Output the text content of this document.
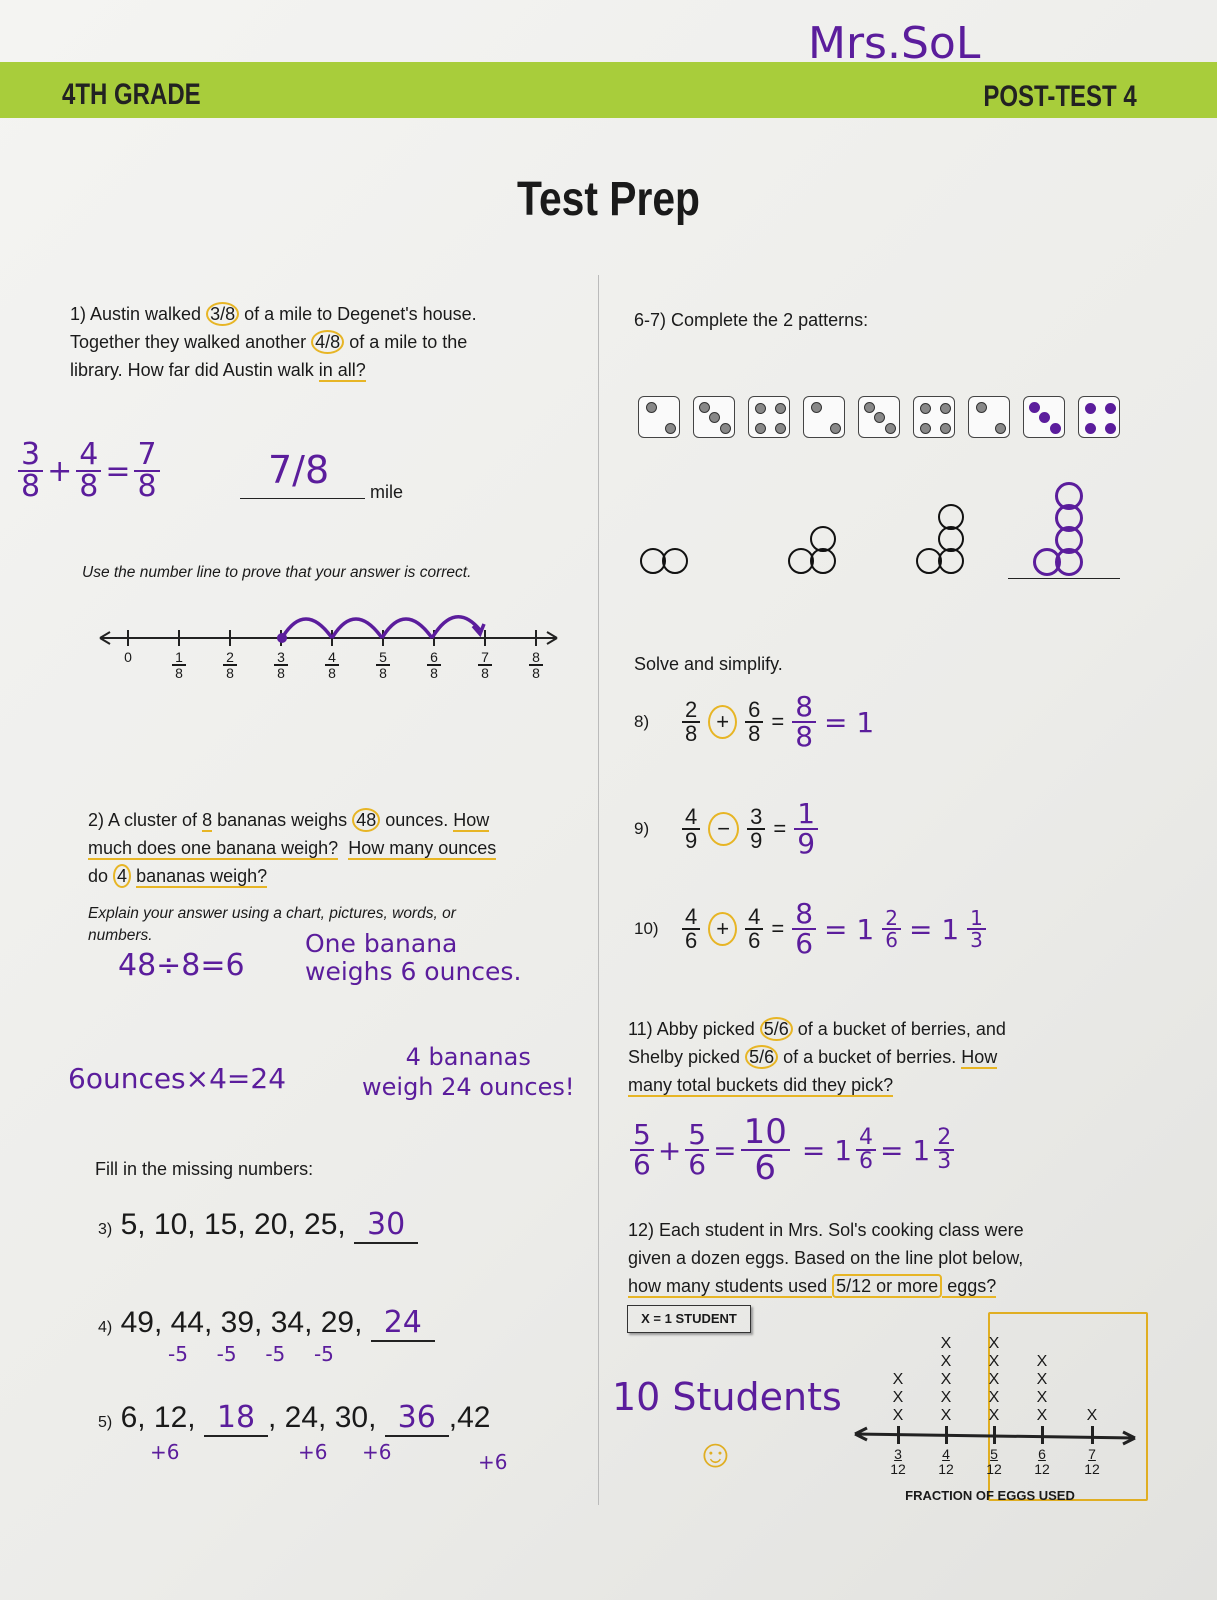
4TH GRADE	POST-TEST 4
Mrs.SoL
Test Prep
1) Austin walked 3/8 of a mile to Degenet's house.
Together they walked another 4/8 of a mile to the
library. How far did Austin walk in all?
$\frac{3}{8} + \frac{4}{8} = \frac{7}{8}$	7/8 mile
Use the number line to prove that your answer is correct.
2) A cluster of 8 bananas weighs 48 ounces. How
much does one banana weigh? How many ounces
do 4 bananas weigh?
Explain your answer using a chart, pictures, words, or
numbers.	One banana
weighs 6 ounces.
48÷8=6
6ounces×4=24
4 bananas
weigh 24 ounces!
Fill in the missing numbers:
3) 5, 10, 15, 20, 25, 30
4) 49, 44, 39, 34, 29, 24
-5  -5  -5  -5
5) 6, 12, 18 , 24, 30, 36 ,42
+6	+6 +6	+6
6-7) Complete the 2 patterns:
Solve and simplify.
8)	$\frac{2}{8} + \frac{6}{8} = \frac{8}{8} = 1$
9)	$\frac{4}{9} - \frac{3}{9} = \frac{1}{9}$
10)	$\frac{4}{6} + \frac{4}{6} = \frac{8}{6} = 1 \frac{2}{6} = 1 \frac{1}{3}$
11) Abby picked 5/6 of a bucket of berries, and
Shelby picked 5/6 of a bucket of berries. How
many total buckets did they pick?
$\frac{5}{6} + \frac{5}{6} = \frac{10}{6} = 1 \frac{4}{6} = 1 \frac{2}{3}$
12) Each student in Mrs. Sol's cooking class were
given a dozen eggs. Based on the line plot below,
how many students used 5/12 or more eggs?
X = 1 STUDENT
10 Students
☺
FRACTION OF EGGS USED
0	$\frac{1}{8} \frac{2}{8} \frac{3}{8} \frac{4}{8} \frac{5}{8} \frac{6}{8} \frac{7}{8} \frac{8}{8}$
$\frac{3}{12}$
X
X
X
$\frac{4}{12}$
X
X
X
X
X
$\frac{5}{12}$
X
X
X
X
X
$\frac{6}{12}$
X
X
X
X
$\frac{7}{12}$
X
